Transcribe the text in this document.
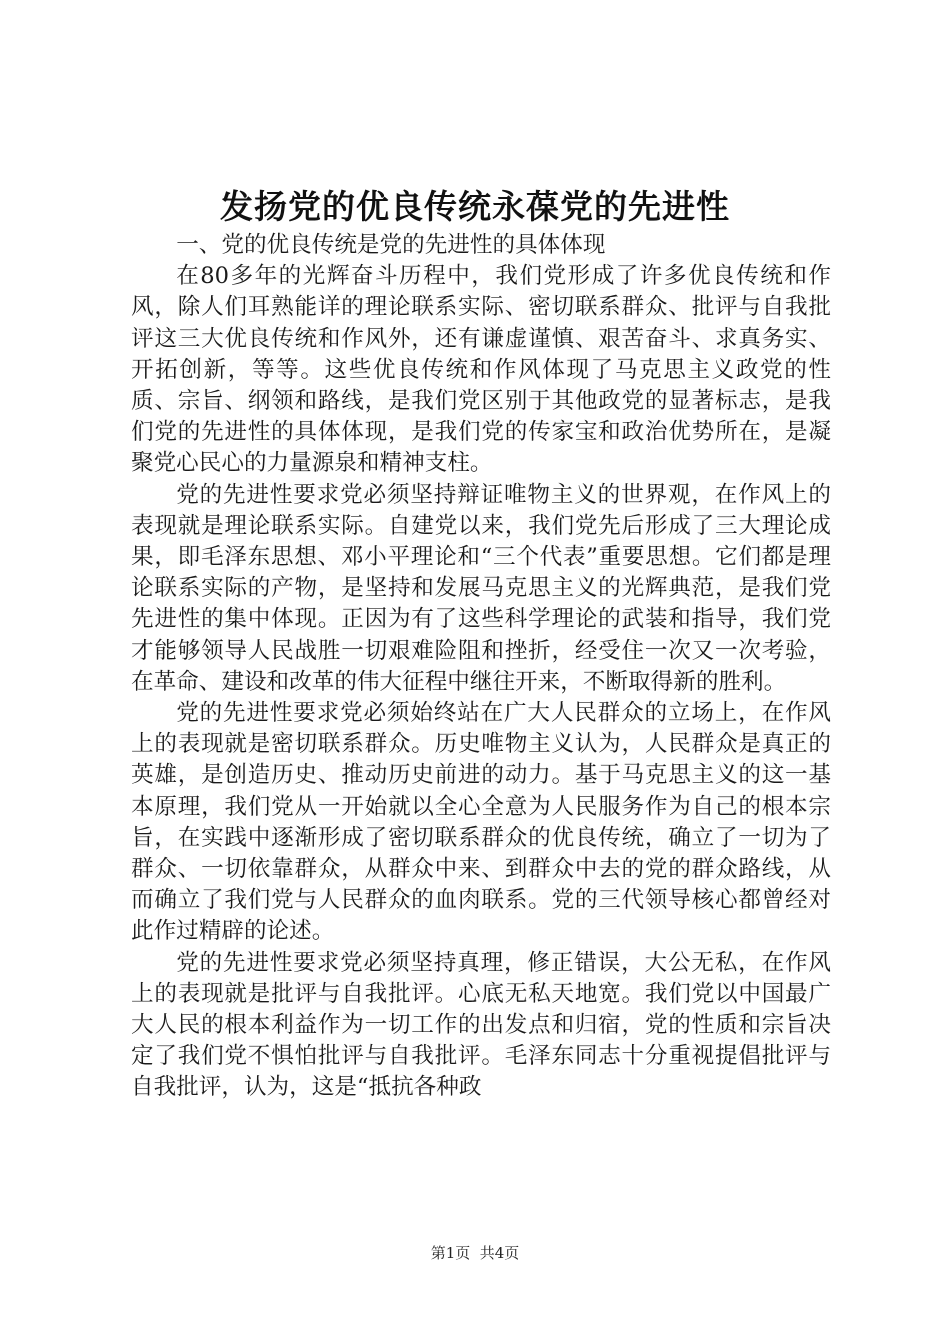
发扬党的优良传统永葆党的先进性

一、党的优良传统是党的先进性的具体体现

在80多年的光辉奋斗历程中，我们党形成了许多优良传统和作风，除人们耳熟能详的理论联系实际、密切联系群众、批评与自我批评这三大优良传统和作风外，还有谦虚谨慎、艰苦奋斗、求真务实、开拓创新，等等。这些优良传统和作风体现了马克思主义政党的性质、宗旨、纲领和路线，是我们党区别于其他政党的显著标志，是我们党的先进性的具体体现，是我们党的传家宝和政治优势所在，是凝聚党心民心的力量源泉和精神支柱。

党的先进性要求党必须坚持辩证唯物主义的世界观，在作风上的表现就是理论联系实际。自建党以来，我们党先后形成了三大理论成果，即毛泽东思想、邓小平理论和“三个代表”重要思想。它们都是理论联系实际的产物，是坚持和发展马克思主义的光辉典范，是我们党先进性的集中体现。正因为有了这些科学理论的武装和指导，我们党才能够领导人民战胜一切艰难险阻和挫折，经受住一次又一次考验，在革命、建设和改革的伟大征程中继往开来，不断取得新的胜利。

党的先进性要求党必须始终站在广大人民群众的立场上，在作风上的表现就是密切联系群众。历史唯物主义认为，人民群众是真正的英雄，是创造历史、推动历史前进的动力。基于马克思主义的这一基本原理，我们党从一开始就以全心全意为人民服务作为自己的根本宗旨，在实践中逐渐形成了密切联系群众的优良传统，确立了一切为了群众、一切依靠群众，从群众中来、到群众中去的党的群众路线，从而确立了我们党与人民群众的血肉联系。党的三代领导核心都曾经对此作过精辟的论述。

党的先进性要求党必须坚持真理，修正错误，大公无私，在作风上的表现就是批评与自我批评。心底无私天地宽。我们党以中国最广大人民的根本利益作为一切工作的出发点和归宿，党的性质和宗旨决定了我们党不惧怕批评与自我批评。毛泽东同志十分重视提倡批评与自我批评，认为，这是“抵抗各种政

第1页  共4页
